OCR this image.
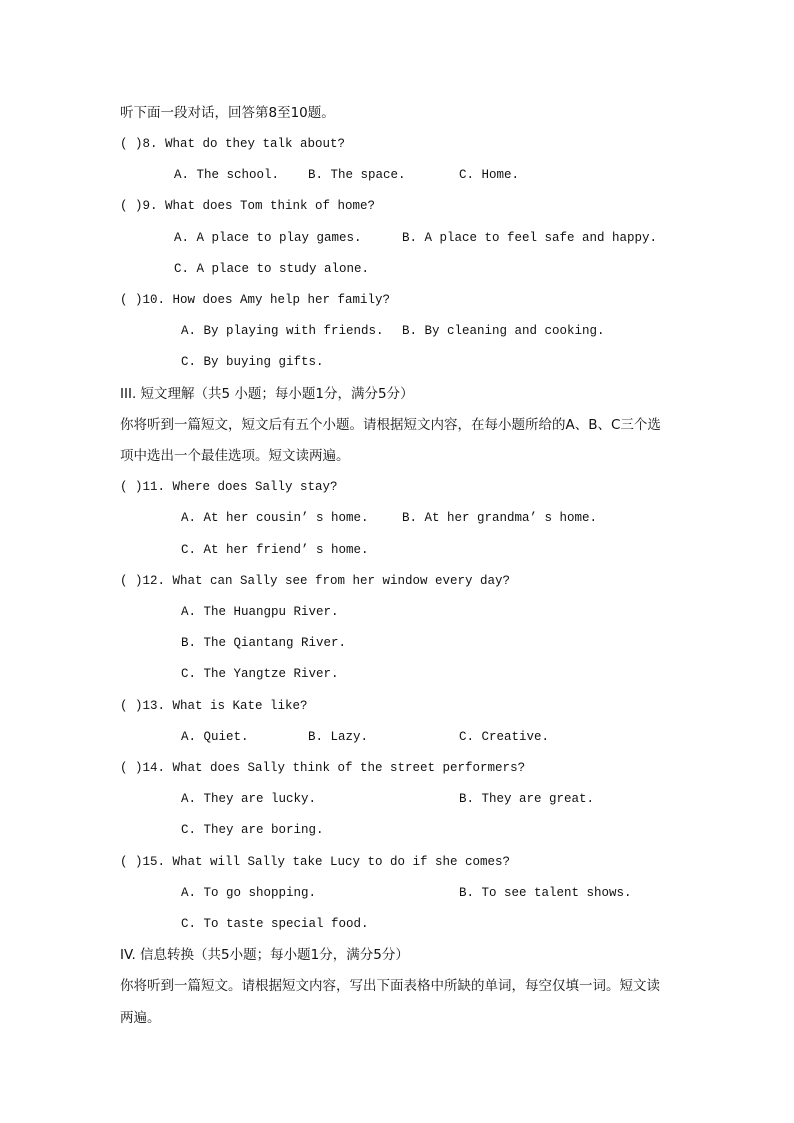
听下面一段对话，回答第8至10题。
( )8. What do they talk about?
A. The school. B. The space.	C. Home.
( )9. What does Tom think of home?
A. A place to play games.	B. A place to feel safe and happy.
C. A place to study alone.
( )10. How does Amy help her family?
A. By playing with friends. B. By cleaning and cooking.
C. By buying gifts.
III. 短文理解（共5 小题；每小题1分，满分5分）
你将听到一篇短文，短文后有五个小题。请根据短文内容，在每小题所给的A、B、C三个选
项中选出一个最佳选项。短文读两遍。
( )11. Where does Sally stay?
A. At her cousin’ s home.	B. At her grandma’ s home.
C. At her friend’ s home.
( )12. What can Sally see from her window every day?
A. The Huangpu River.
B. The Qiantang River.
C. The Yangtze River.
( )13. What is Kate like?
A. Quiet.	B. Lazy.	C. Creative.
( )14. What does Sally think of the street performers?
A. They are lucky.	B. They are great.
C. They are boring.
( )15. What will Sally take Lucy to do if she comes?
A. To go shopping.	B. To see talent shows.
C. To taste special food.
IV. 信息转换（共5小题；每小题1分，满分5分）
你将听到一篇短文。请根据短文内容，写出下面表格中所缺的单词，每空仅填一词。短文读
两遍。
